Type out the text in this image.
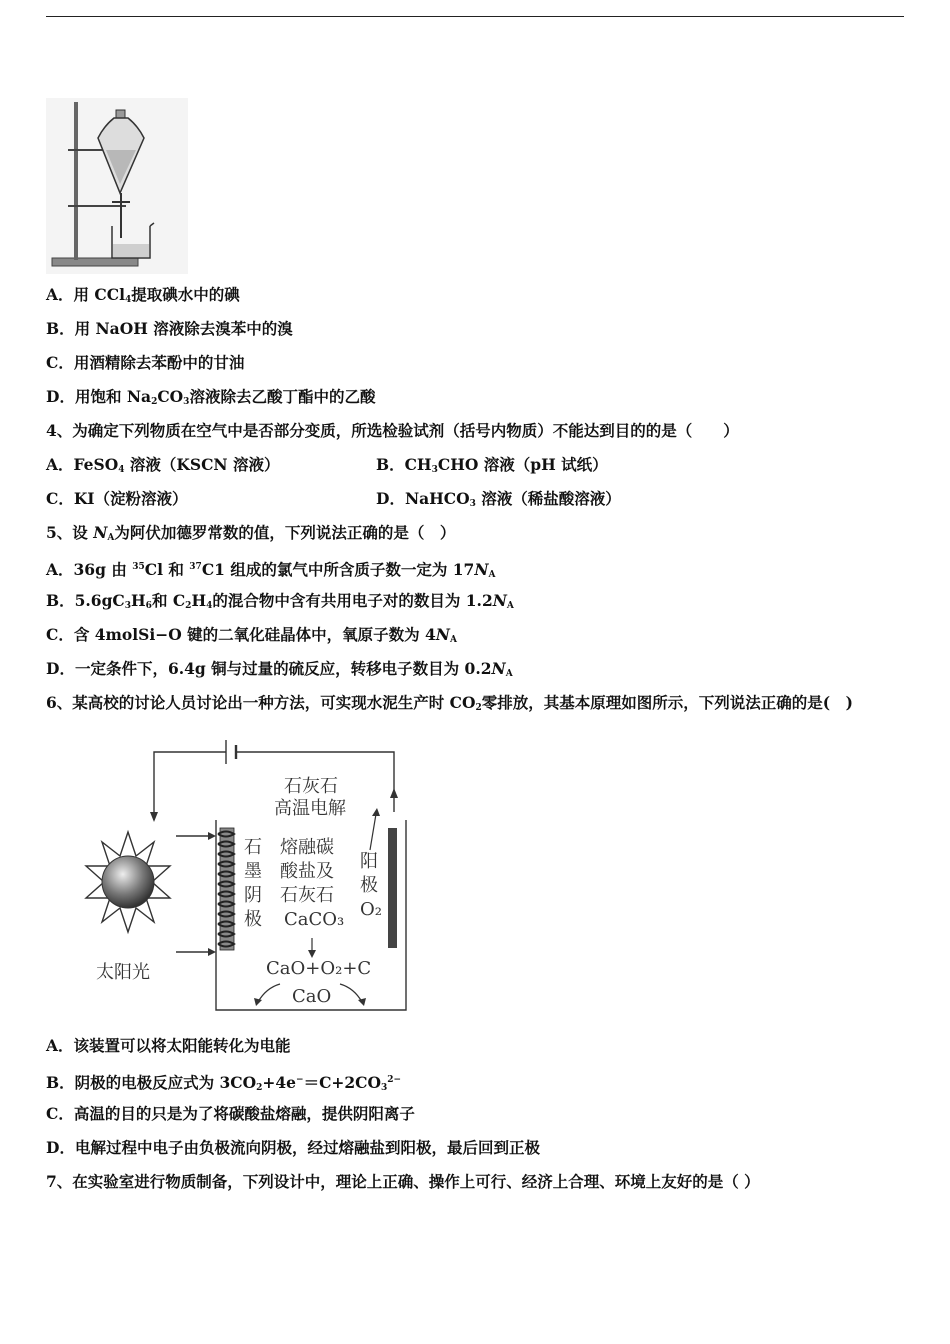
A．用 CCl$_4$提取碘水中的碘
B．用 NaOH 溶液除去溴苯中的溴
C．用酒精除去苯酚中的甘油
D．用饱和 $Na_2CO_3$溶液除去乙酸丁酯中的乙酸
4、为确定下列物质在空气中是否部分变质，所选检验试剂（括号内物质）不能达到目的的是（　　）
A．FeSO$_4$ 溶液（KSCN 溶液）	B．$CH_3CHO$ 溶液（pH 试纸）
C．KI（淀粉溶液）	D．NaHCO$_3$ 溶液（稀盐酸溶液）
5、设 $N_A$为阿伏加德罗常数的值，下列说法正确的是（　）
A．36g 由 $^{35}$Cl 和 $^{37}$C1 组成的氯气中所含质子数一定为 $17N_A$
B．$5.6gC_3H_6$和 $C_2H_4$的混合物中含有共用电子对的数目为 $1.2N_A$
C．含 4molSi−O 键的二氧化硅晶体中，氧原子数为 $4N_A$
D．一定条件下，6.4g 铜与过量的硫反应，转移电子数目为 $0.2N_A$
6、某高校的讨论人员讨论出一种方法，可实现水泥生产时 $CO_2$零排放，其基本原理如图所示，下列说法正确的是(　)
石灰石
高温电解
石
墨
阴
极
熔融碳
酸盐及
石灰石
CaCO₃
阳
极
O₂
CaO+O₂+C
CaO
太阳光
A．该装置可以将太阳能转化为电能
B．阴极的电极反应式为 $3CO_2+4e^-=C+2CO_3^{2-}$
C．高温的目的只是为了将碳酸盐熔融，提供阴阳离子
D．电解过程中电子由负极流向阴极，经过熔融盐到阳极，最后回到正极
7、在实验室进行物质制备，下列设计中，理论上正确、操作上可行、经济上合理、环境上友好的是（ ）
